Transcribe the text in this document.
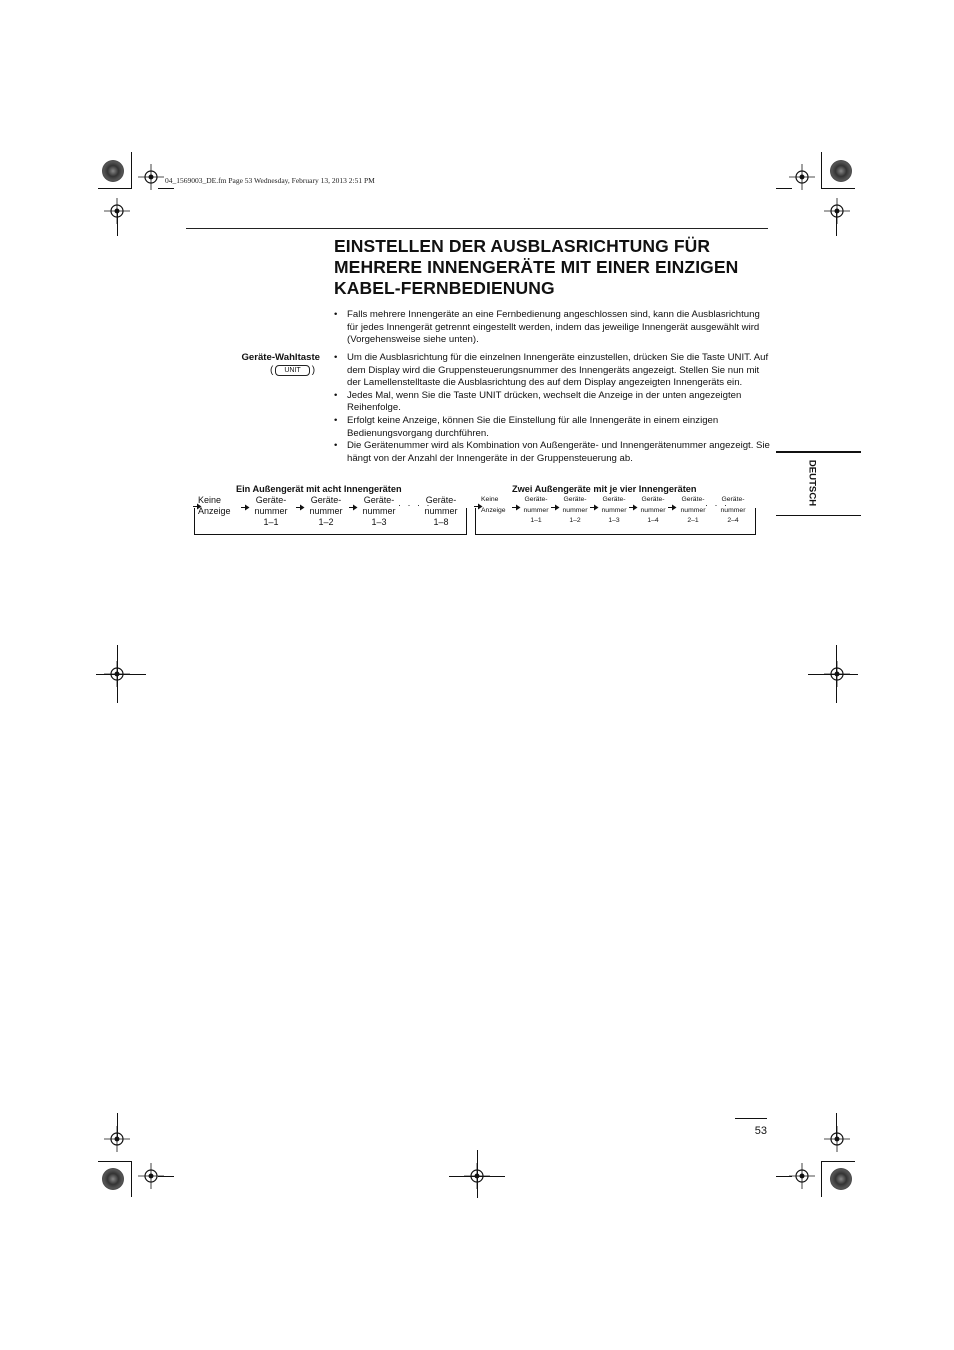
04_1569003_DE.fm Page 53 Wednesday, February 13, 2013 2:51 PM
EINSTELLEN DER AUSBLASRICHTUNG FÜR MEHRERE INNENGERÄTE MIT EINER EINZIGEN KABEL-FERNBEDIENUNG
• Falls mehrere Innengeräte an eine Fernbedienung angeschlossen sind, kann die Ausblasrichtung für jedes Innengerät getrennt eingestellt werden, indem das jeweilige Innengerät ausgewählt wird (Vorgehensweise siehe unten).
Geräte-Wahltaste
( UNIT )
• Um die Ausblasrichtung für die einzelnen Innengeräte einzustellen, drücken Sie die Taste UNIT. Auf dem Display wird die Gruppensteuerungsnummer des Innengeräts angezeigt. Stellen Sie nun mit der Lamellenstelltaste die Ausblasrichtung des auf dem Display angezeigten Innengeräts ein.
• Jedes Mal, wenn Sie die Taste UNIT drücken, wechselt die Anzeige in der unten angezeigten Reihenfolge.
• Erfolgt keine Anzeige, können Sie die Einstellung für alle Innengeräte in einem einzigen Bedienungsvorgang durchführen.
• Die Gerätenummer wird als Kombination von Außengeräte- und Innengerätenummer angezeigt. Sie hängt von der Anzahl der Innengeräte in der Gruppensteuerung ab.
Ein Außengerät mit acht Innengeräten
Keine
Anzeige
Geräte-
nummer
1–1
Geräte-
nummer
1–2
Geräte-
nummer
1–3
· · · ·
Geräte-
nummer
1–8
Zwei Außengeräte mit je vier Innengeräten
Keine
Anzeige
Geräte-
nummer
1–1
Geräte-
nummer
1–2
Geräte-
nummer
1–3
Geräte-
nummer
1–4
Geräte-
nummer
2–1
· · ·
Geräte-
nummer
2–4
DEUTSCH
53
